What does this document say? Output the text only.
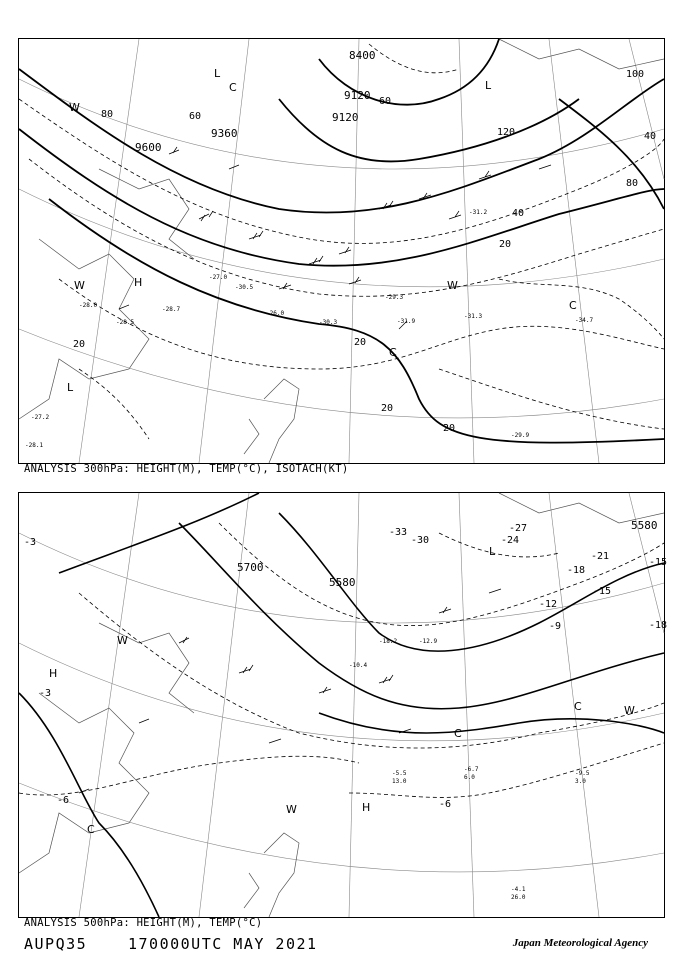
8400
9120
9360
9600
9120
80	60
40
20
120
100
80
60
40
20	20
20
20
L
L
H
W
C
W
C
W
C
L
-28.1
-27.2
-28.7
-31.2
-30.5
-29.3
-31.9	-34.7
-29.9
-27.0
-28.5
-26.0
-30.3
-31.3
-28.0
ANALYSIS 300hPa: HEIGHT(M), TEMP(°C), ISOTACH(KT)
5700
5580
5580
-3
-3
-6
-9
-12
-15
-18
-21
-15
-18
-24
-27
-30
-33
-6
L
H
H
C
C
W
W
C
W
-4.1
26.0
-5.5
13.0
-6.7
6.0
-9.5
3.0
-10.4
-18.2	-12.9
ANALYSIS 500hPa: HEIGHT(M), TEMP(°C)
AUPQ35	170000UTC MAY 2021	Japan Meteorological Agency
